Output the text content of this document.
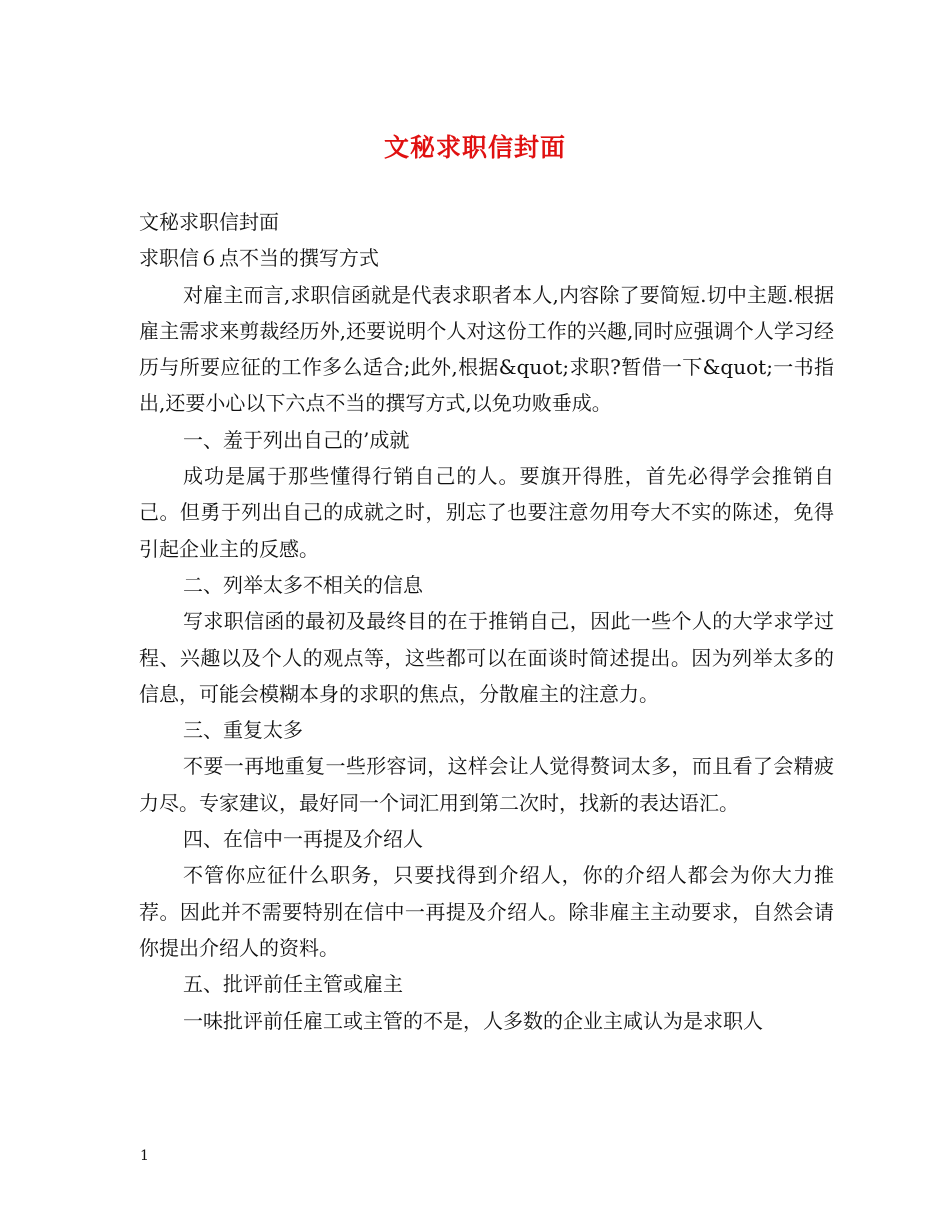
文秘求职信封面
文秘求职信封面
求职信６点不当的撰写方式
对雇主而言,求职信函就是代表求职者本人,内容除了要简短.切中主题.根据雇主需求来剪裁经历外,还要说明个人对这份工作的兴趣,同时应强调个人学习经历与所要应征的工作多么适合;此外,根据&quot;求职?暂借一下&quot;一书指出,还要小心以下六点不当的撰写方式,以免功败垂成。
一、羞于列出自己的’成就
成功是属于那些懂得行销自己的人。要旗开得胜，首先必得学会推销自己。但勇于列出自己的成就之时，别忘了也要注意勿用夸大不实的陈述，免得引起企业主的反感。
二、列举太多不相关的信息
写求职信函的最初及最终目的在于推销自己，因此一些个人的大学求学过程、兴趣以及个人的观点等，这些都可以在面谈时简述提出。因为列举太多的信息，可能会模糊本身的求职的焦点，分散雇主的注意力。
三、重复太多
不要一再地重复一些形容词，这样会让人觉得赘词太多，而且看了会精疲力尽。专家建议，最好同一个词汇用到第二次时，找新的表达语汇。
四、在信中一再提及介绍人
不管你应征什么职务，只要找得到介绍人，你的介绍人都会为你大力推荐。因此并不需要特别在信中一再提及介绍人。除非雇主主动要求，自然会请你提出介绍人的资料。
五、批评前任主管或雇主
一味批评前任雇工或主管的不是，人多数的企业主咸认为是求职人
1
